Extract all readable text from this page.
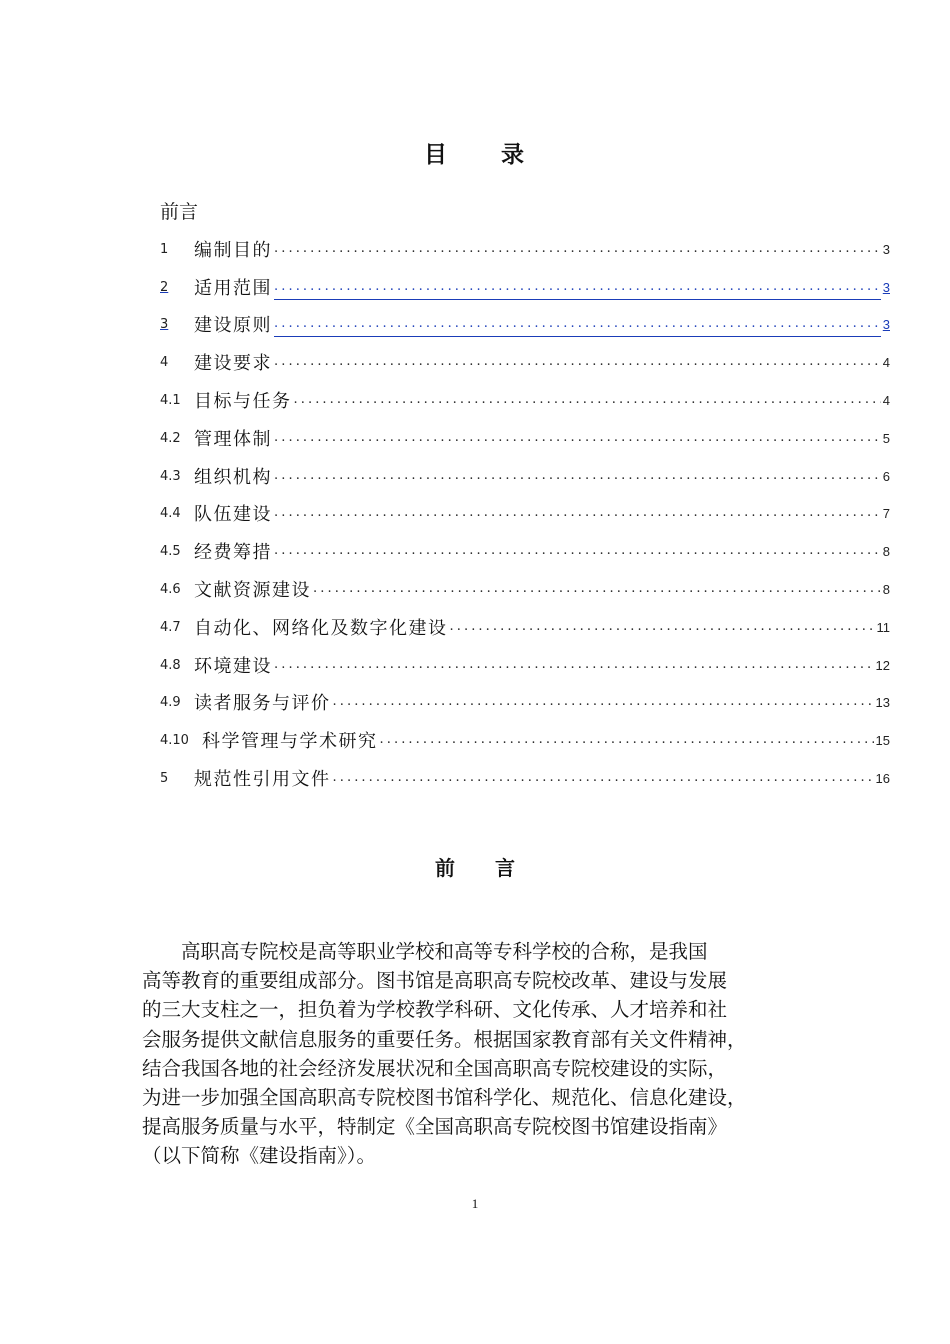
目 录
前言
1	编制目的 .....	3
2	适用范围 .....	3
3	建设原则 .....	3
4	建设要求 .....	4
4.1 目标与任务 .....	4
4.2 管理体制 .....	5
4.3 组织机构 .....	6
4.4 队伍建设 .....	7
4.5 经费筹措 .....	8
4.6 文献资源建设 .....	8
4.7 自动化、网络化及数字化建设 .....	11
4.8 环境建设 .....	12
4.9 读者服务与评价 .....	13
4.10 科学管理与学术研究 .....	15
5	规范性引用文件 .....	16
前 言
　　高职高专院校是高等职业学校和高等专科学校的合称，是我国
高等教育的重要组成部分。图书馆是高职高专院校改革、建设与发展
的三大支柱之一，担负着为学校教学科研、文化传承、人才培养和社
会服务提供文献信息服务的重要任务。根据国家教育部有关文件精神，
结合我国各地的社会经济发展状况和全国高职高专院校建设的实际，
为进一步加强全国高职高专院校图书馆科学化、规范化、信息化建设，
提高服务质量与水平，特制定《全国高职高专院校图书馆建设指南》
（以下简称《建设指南》）。
1
